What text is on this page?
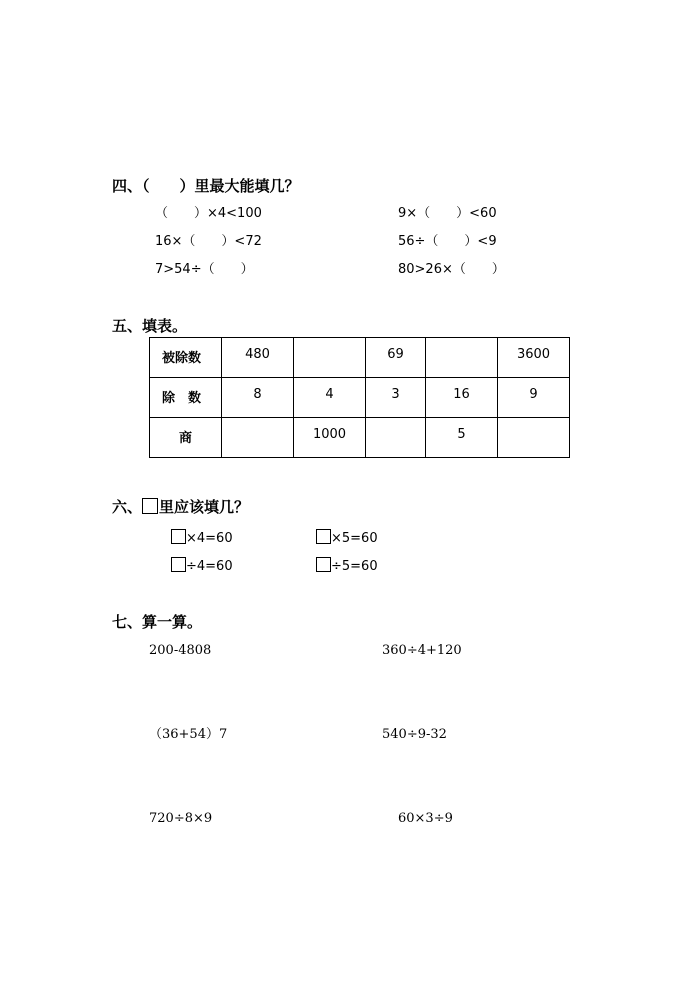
四、（　　）里最大能填几？
（　　）×4<100	9×（　　）<60
16×（　　）<72	56÷（　　）<9
7>54÷（　　）	80>26×（　　）
五、填表。
被除数	480		69		3600
除　数	8	4	3	16	9
商		1000		5	
六、 里应该填几？
×4=60	×5=60
÷4=60	÷5=60
七、算一算。
200-4808	360÷4+120
（36+54）7	540÷9-32
720÷8×9	60×3÷9
